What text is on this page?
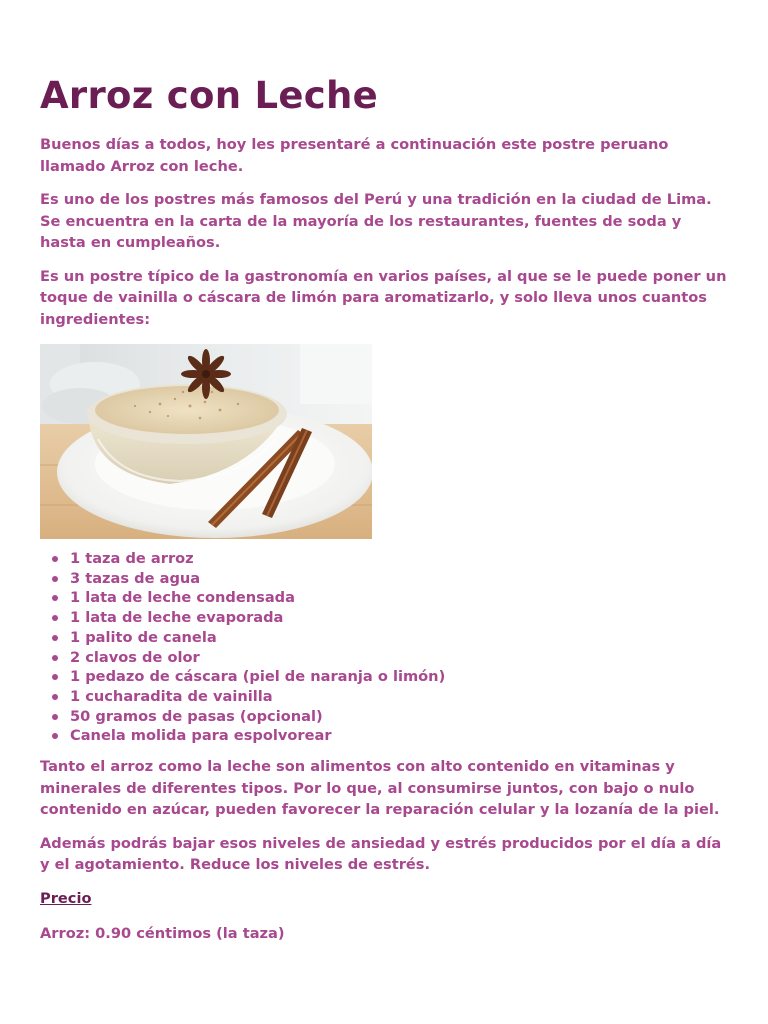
Arroz con Leche

Buenos días a todos, hoy les presentaré a continuación este postre peruano llamado Arroz con leche.

Es uno de los postres más famosos del Perú y una tradición en la ciudad de Lima. Se encuentra en la carta de la mayoría de los restaurantes, fuentes de soda y hasta en cumpleaños.

Es un postre típico de la gastronomía en varios países, al que se le puede poner un toque de vainilla o cáscara de limón para aromatizarlo, y solo lleva unos cuantos ingredientes:

1 taza de arroz
3 tazas de agua
1 lata de leche condensada
1 lata de leche evaporada
1 palito de canela
2 clavos de olor
1 pedazo de cáscara (piel de naranja o limón)
1 cucharadita de vainilla
50 gramos de pasas (opcional)
Canela molida para espolvorear

Tanto el arroz como la leche son alimentos con alto contenido en vitaminas y minerales de diferentes tipos. Por lo que, al consumirse juntos, con bajo o nulo contenido en azúcar, pueden favorecer la reparación celular y la lozanía de la piel.

Además podrás bajar esos niveles de ansiedad y estrés producidos por el día a día y el agotamiento. Reduce los niveles de estrés.

Precio

Arroz: 0.90 céntimos (la taza)
